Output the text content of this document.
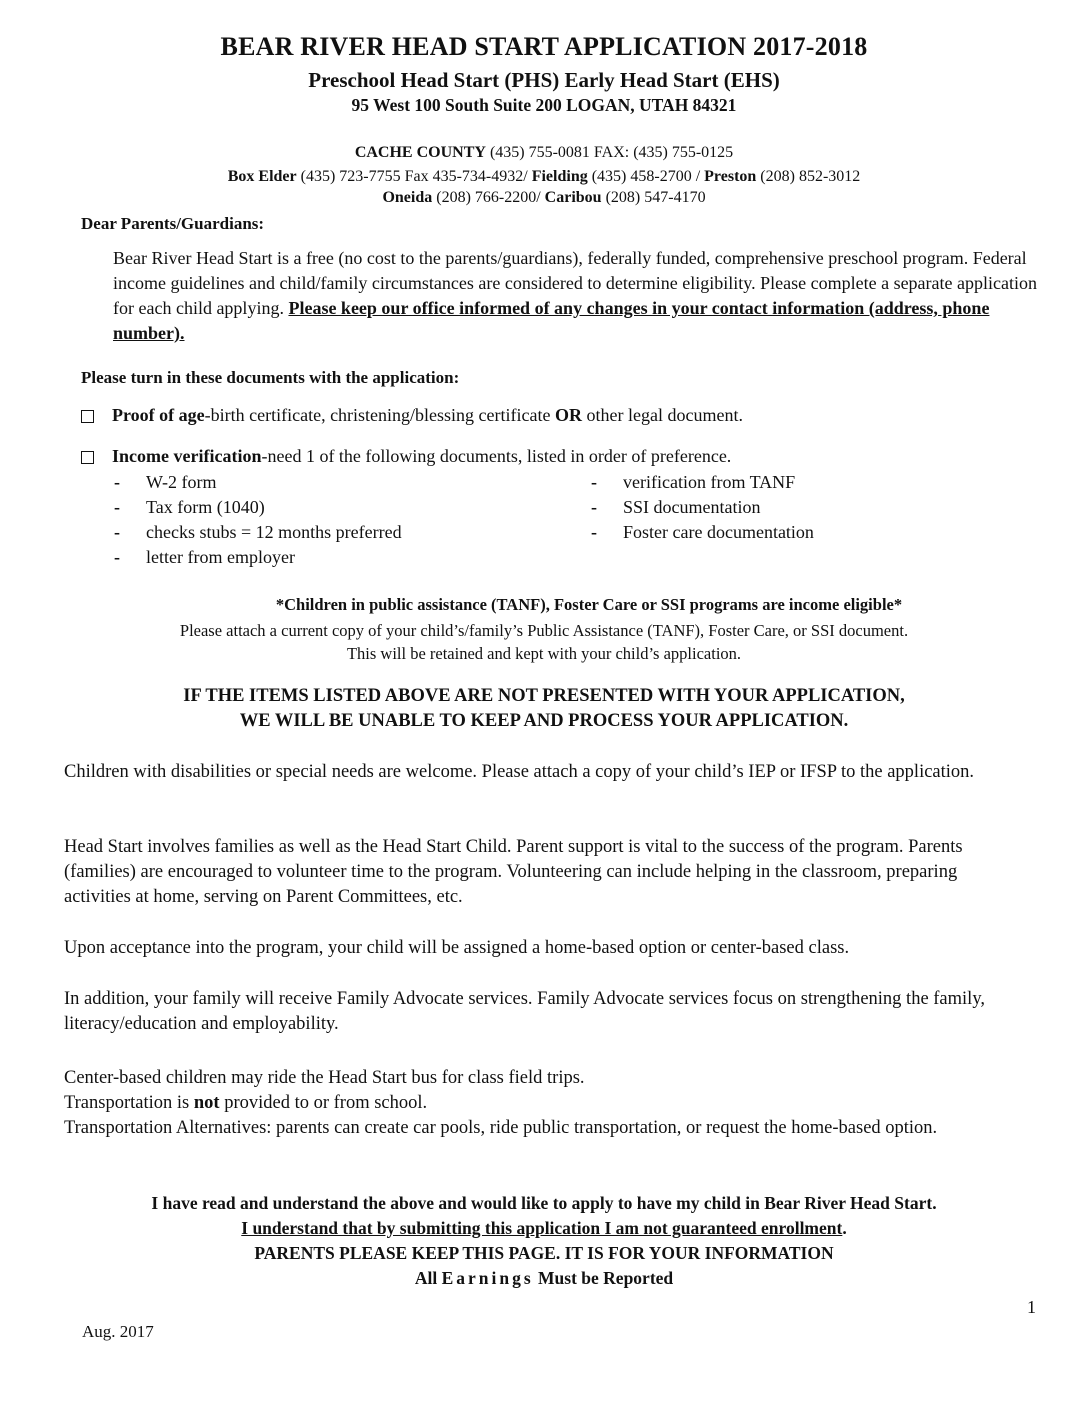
BEAR RIVER HEAD START APPLICATION 2017-2018
Preschool Head Start (PHS) Early Head Start (EHS)
95 West 100 South Suite 200 LOGAN, UTAH 84321
CACHE COUNTY (435) 755-0081 FAX: (435) 755-0125
Box Elder (435) 723-7755 Fax 435-734-4932/ Fielding (435) 458-2700 / Preston (208) 852-3012
Oneida (208) 766-2200/ Caribou (208) 547-4170
Dear Parents/Guardians:
Bear River Head Start is a free (no cost to the parents/guardians), federally funded, comprehensive preschool program. Federal income guidelines and child/family circumstances are considered to determine eligibility. Please complete a separate application for each child applying. Please keep our office informed of any changes in your contact information (address, phone number).
Please turn in these documents with the application:
Proof of age-birth certificate, christening/blessing certificate OR other legal document.
Income verification-need 1 of the following documents, listed in order of preference.
-	W-2 form
-	Tax form (1040)
-	checks stubs = 12 months preferred
-	letter from employer
-	verification from TANF
-	SSI documentation
-	Foster care documentation
*Children in public assistance (TANF), Foster Care or SSI programs are income eligible*
Please attach a current copy of your child’s/family’s Public Assistance (TANF), Foster Care, or SSI document.
This will be retained and kept with your child’s application.
IF THE ITEMS LISTED ABOVE ARE NOT PRESENTED WITH YOUR APPLICATION,
WE WILL BE UNABLE TO KEEP AND PROCESS YOUR APPLICATION.
Children with disabilities or special needs are welcome. Please attach a copy of your child’s IEP or IFSP to the application.
Head Start involves families as well as the Head Start Child. Parent support is vital to the success of the program. Parents (families) are encouraged to volunteer time to the program. Volunteering can include helping in the classroom, preparing activities at home, serving on Parent Committees, etc.
Upon acceptance into the program, your child will be assigned a home-based option or center-based class.
In addition, your family will receive Family Advocate services. Family Advocate services focus on strengthening the family, literacy/education and employability.
Center-based children may ride the Head Start bus for class field trips.
Transportation is not provided to or from school.
Transportation Alternatives: parents can create car pools, ride public transportation, or request the home-based option.
I have read and understand the above and would like to apply to have my child in Bear River Head Start.
I understand that by submitting this application I am not guaranteed enrollment.
PARENTS PLEASE KEEP THIS PAGE. IT IS FOR YOUR INFORMATION
All Earnings Must be Reported
1
Aug. 2017
